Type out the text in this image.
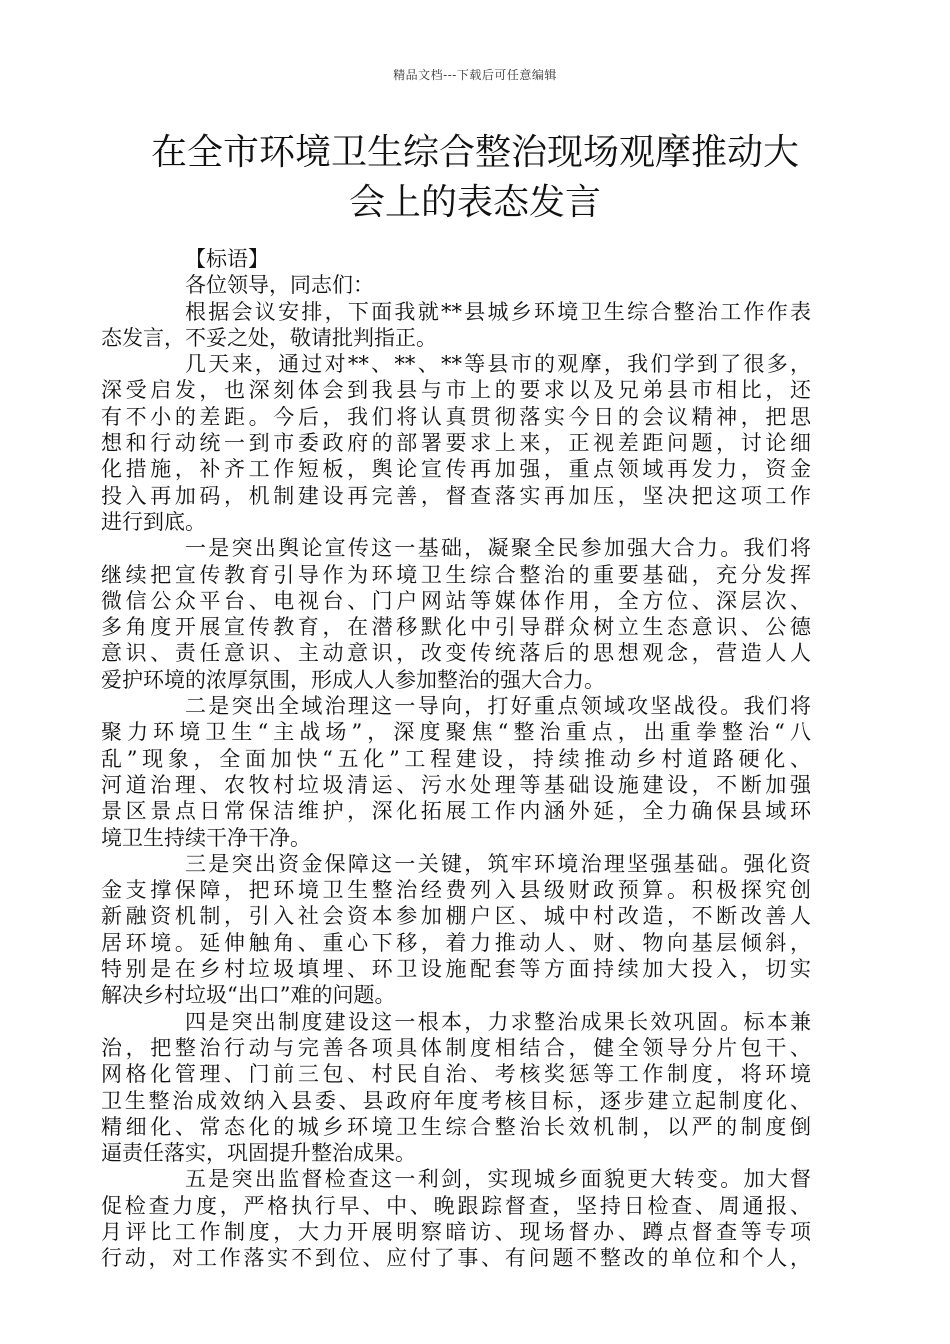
精品文档---下载后可任意编辑
在全市环境卫生综合整治现场观摩推动大
会上的表态发言

【标语】

各位领导，同志们：

根据会议安排，下面我就**县城乡环境卫生综合整治工作作表
态发言，不妥之处，敬请批判指正。

几天来，通过对**、**、**等县市的观摩，我们学到了很多，
深受启发，也深刻体会到我县与市上的要求以及兄弟县市相比，还
有不小的差距。今后，我们将认真贯彻落实今日的会议精神，把思
想和行动统一到市委政府的部署要求上来，正视差距问题，讨论细
化措施，补齐工作短板，舆论宣传再加强，重点领域再发力，资金
投入再加码，机制建设再完善，督查落实再加压，坚决把这项工作
进行到底。

一是突出舆论宣传这一基础，凝聚全民参加强大合力。我们将
继续把宣传教育引导作为环境卫生综合整治的重要基础，充分发挥
微信公众平台、电视台、门户网站等媒体作用，全方位、深层次、
多角度开展宣传教育，在潜移默化中引导群众树立生态意识、公德
意识、责任意识、主动意识，改变传统落后的思想观念，营造人人
爱护环境的浓厚氛围，形成人人参加整治的强大合力。

二是突出全域治理这一导向，打好重点领域攻坚战役。我们将
聚力环境卫生“主战场”，深度聚焦“整治重点，出重拳整治“八
乱”现象，全面加快“五化”工程建设，持续推动乡村道路硬化、
河道治理、农牧村垃圾清运、污水处理等基础设施建设，不断加强
景区景点日常保洁维护，深化拓展工作内涵外延，全力确保县域环
境卫生持续干净干净。

三是突出资金保障这一关键，筑牢环境治理坚强基础。强化资
金支撑保障，把环境卫生整治经费列入县级财政预算。积极探究创
新融资机制，引入社会资本参加棚户区、城中村改造，不断改善人
居环境。延伸触角、重心下移，着力推动人、财、物向基层倾斜，
特别是在乡村垃圾填埋、环卫设施配套等方面持续加大投入，切实
解决乡村垃圾“出口”难的问题。

四是突出制度建设这一根本，力求整治成果长效巩固。标本兼
治，把整治行动与完善各项具体制度相结合，健全领导分片包干、
网格化管理、门前三包、村民自治、考核奖惩等工作制度，将环境
卫生整治成效纳入县委、县政府年度考核目标，逐步建立起制度化、
精细化、常态化的城乡环境卫生综合整治长效机制，以严的制度倒
逼责任落实，巩固提升整治成果。

五是突出监督检查这一利剑，实现城乡面貌更大转变。加大督
促检查力度，严格执行早、中、晚跟踪督查，坚持日检查、周通报、
月评比工作制度，大力开展明察暗访、现场督办、蹲点督查等专项
行动，对工作落实不到位、应付了事、有问题不整改的单位和个人，
